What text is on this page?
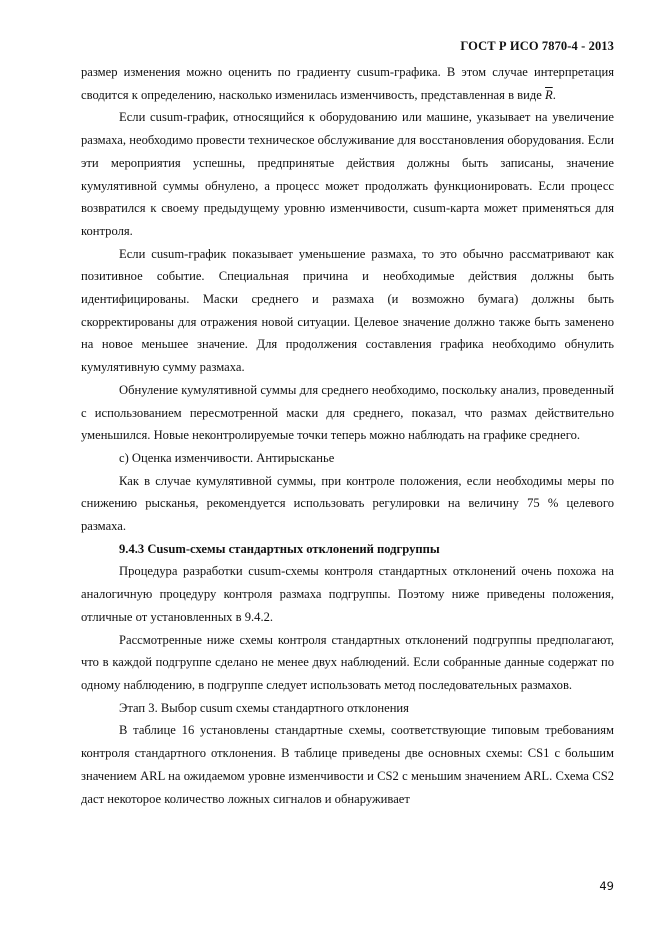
ГОСТ Р ИСО 7870-4 - 2013

размер изменения можно оценить по градиенту cusum-графика. В этом случае интерпретация сводится к определению, насколько изменилась изменчивость, представленная в виде $\overline{R}$.

Если cusum-график, относящийся к оборудованию или машине, указывает на увеличение размаха, необходимо провести техническое обслуживание для восстановления оборудования. Если эти мероприятия успешны, предпринятые действия должны быть записаны, значение кумулятивной суммы обнулено, а процесс может продолжать функционировать. Если процесс возвратился к своему предыдущему уровню изменчивости, cusum-карта может применяться для контроля.

Если cusum-график показывает уменьшение размаха, то это обычно рассматривают как позитивное событие. Специальная причина и необходимые действия должны быть идентифицированы. Маски среднего и размаха (и возможно бумага) должны быть скорректированы для отражения новой ситуации. Целевое значение должно также быть заменено на новое меньшее значение. Для продолжения составления графика необходимо обнулить кумулятивную сумму размаха.

Обнуление кумулятивной суммы для среднего необходимо, поскольку анализ, проведенный с использованием пересмотренной маски для среднего, показал, что размах действительно уменьшился. Новые неконтролируемые точки теперь можно наблюдать на графике среднего.

с) Оценка изменчивости. Антирысканье

Как в случае кумулятивной суммы, при контроле положения, если необходимы меры по снижению рысканья, рекомендуется использовать регулировки на величину 75 % целевого размаха.

9.4.3 Cusum-схемы стандартных отклонений подгруппы

Процедура разработки cusum-схемы контроля стандартных отклонений очень похожа на аналогичную процедуру контроля размаха подгруппы. Поэтому ниже приведены положения, отличные от установленных в 9.4.2.

Рассмотренные ниже схемы контроля стандартных отклонений подгруппы предполагают, что в каждой подгруппе сделано не менее двух наблюдений. Если собранные данные содержат по одному наблюдению, в подгруппе следует использовать метод последовательных размахов.

Этап 3. Выбор cusum схемы стандартного отклонения

В таблице 16 установлены стандартные схемы, соответствующие типовым требованиям контроля стандартного отклонения. В таблице приведены две основных схемы: CS1 с большим значением ARL на ожидаемом уровне изменчивости и CS2 с меньшим значением ARL. Схема CS2 даст некоторое количество ложных сигналов и обнаруживает

49
